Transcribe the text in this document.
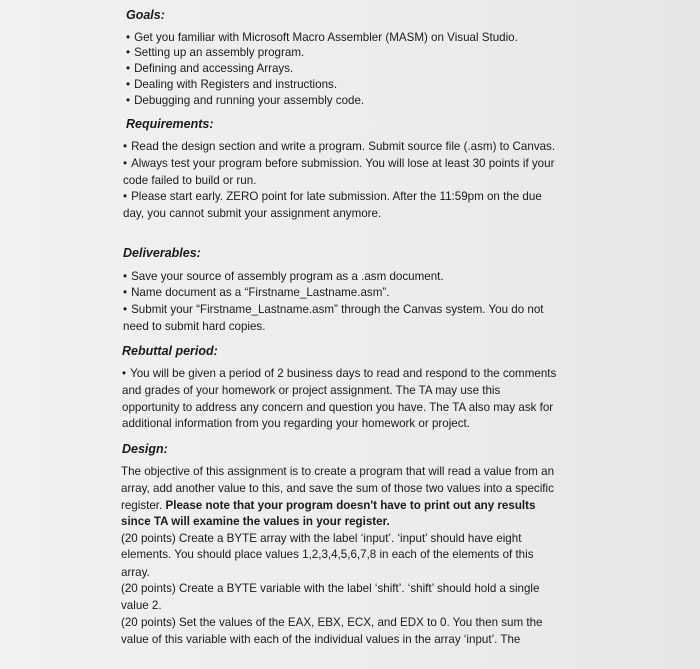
Goals:
• Get you familiar with Microsoft Macro Assembler (MASM) on Visual Studio.
• Setting up an assembly program.
• Defining and accessing Arrays.
• Dealing with Registers and instructions.
• Debugging and running your assembly code.
Requirements:
• Read the design section and write a program. Submit source file (.asm) to Canvas.
• Always test your program before submission. You will lose at least 30 points if your
code failed to build or run.
• Please start early. ZERO point for late submission. After the 11:59pm on the due
day, you cannot submit your assignment anymore.
Deliverables:
• Save your source of assembly program as a .asm document.
• Name document as a “Firstname_Lastname.asm”.
• Submit your “Firstname_Lastname.asm” through the Canvas system. You do not
need to submit hard copies.
Rebuttal period:
• You will be given a period of 2 business days to read and respond to the comments
and grades of your homework or project assignment. The TA may use this
opportunity to address any concern and question you have. The TA also may ask for
additional information from you regarding your homework or project.
Design:
The objective of this assignment is to create a program that will read a value from an
array, add another value to this, and save the sum of those two values into a specific
register. Please note that your program doesn't have to print out any results
since TA will examine the values in your register.
(20 points) Create a BYTE array with the label ‘input’. ‘input’ should have eight
elements. You should place values 1,2,3,4,5,6,7,8 in each of the elements of this
array.
(20 points) Create a BYTE variable with the label ‘shift’. ‘shift’ should hold a single
value 2.
(20 points) Set the values of the EAX, EBX, ECX, and EDX to 0. You then sum the
value of this variable with each of the individual values in the array ‘input’. The
